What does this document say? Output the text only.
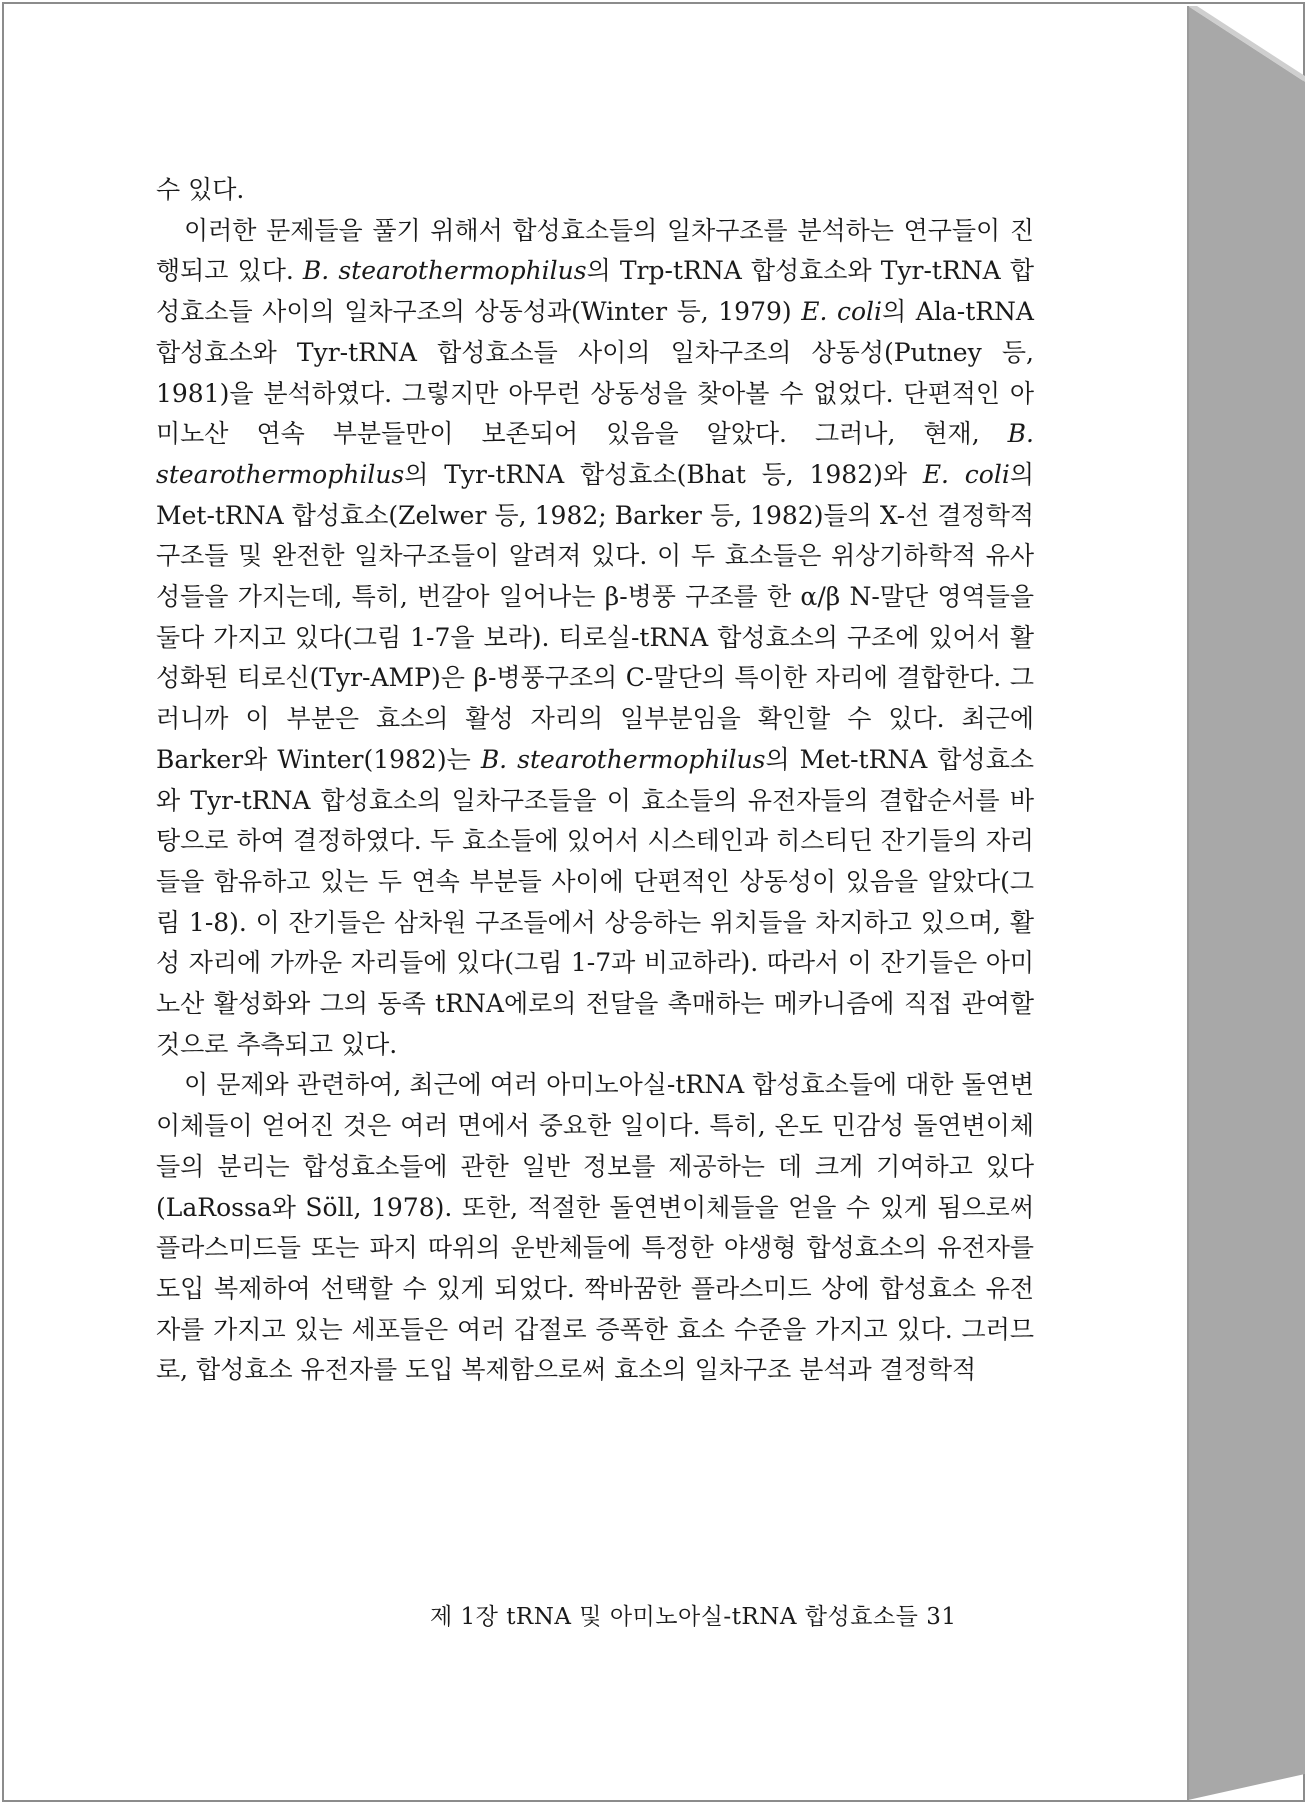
수 있다.

이러한 문제들을 풀기 위해서 합성효소들의 일차구조를 분석하는 연구들이 진행되고 있다. B. stearothermophilus의 Trp-tRNA 합성효소와 Tyr-tRNA 합성효소들 사이의 일차구조의 상동성과(Winter 등, 1979) E. coli의 Ala-tRNA 합성효소와 Tyr-tRNA 합성효소들 사이의 일차구조의 상동성(Putney 등, 1981)을 분석하였다. 그렇지만 아무런 상동성을 찾아볼 수 없었다. 단편적인 아미노산 연속 부분들만이 보존되어 있음을 알았다. 그러나, 현재, B. stearothermophilus의 Tyr-tRNA 합성효소(Bhat 등, 1982)와 E. coli의 Met-tRNA 합성효소(Zelwer 등, 1982; Barker 등, 1982)들의 X-선 결정학적 구조들 및 완전한 일차구조들이 알려져 있다. 이 두 효소들은 위상기하학적 유사성들을 가지는데, 특히, 번갈아 일어나는 β-병풍 구조를 한 α/β N-말단 영역들을 둘다 가지고 있다(그림 1-7을 보라). 티로실-tRNA 합성효소의 구조에 있어서 활성화된 티로신(Tyr-AMP)은 β-병풍구조의 C-말단의 특이한 자리에 결합한다. 그러니까 이 부분은 효소의 활성 자리의 일부분임을 확인할 수 있다. 최근에 Barker와 Winter(1982)는 B. stearothermophilus의 Met-tRNA 합성효소와 Tyr-tRNA 합성효소의 일차구조들을 이 효소들의 유전자들의 결합순서를 바탕으로 하여 결정하였다. 두 효소들에 있어서 시스테인과 히스티딘 잔기들의 자리들을 함유하고 있는 두 연속 부분들 사이에 단편적인 상동성이 있음을 알았다(그림 1-8). 이 잔기들은 삼차원 구조들에서 상응하는 위치들을 차지하고 있으며, 활성 자리에 가까운 자리들에 있다(그림 1-7과 비교하라). 따라서 이 잔기들은 아미노산 활성화와 그의 동족 tRNA에로의 전달을 촉매하는 메카니즘에 직접 관여할 것으로 추측되고 있다.

이 문제와 관련하여, 최근에 여러 아미노아실-tRNA 합성효소들에 대한 돌연변이체들이 얻어진 것은 여러 면에서 중요한 일이다. 특히, 온도 민감성 돌연변이체들의 분리는 합성효소들에 관한 일반 정보를 제공하는 데 크게 기여하고 있다(LaRossa와 Söll, 1978). 또한, 적절한 돌연변이체들을 얻을 수 있게 됨으로써 플라스미드들 또는 파지 따위의 운반체들에 특정한 야생형 합성효소의 유전자를 도입 복제하여 선택할 수 있게 되었다. 짝바꿈한 플라스미드 상에 합성효소 유전자를 가지고 있는 세포들은 여러 갑절로 증폭한 효소 수준을 가지고 있다. 그러므로, 합성효소 유전자를 도입 복제함으로써 효소의 일차구조 분석과 결정학적

제 1장 tRNA 및 아미노아실-tRNA 합성효소들 31
